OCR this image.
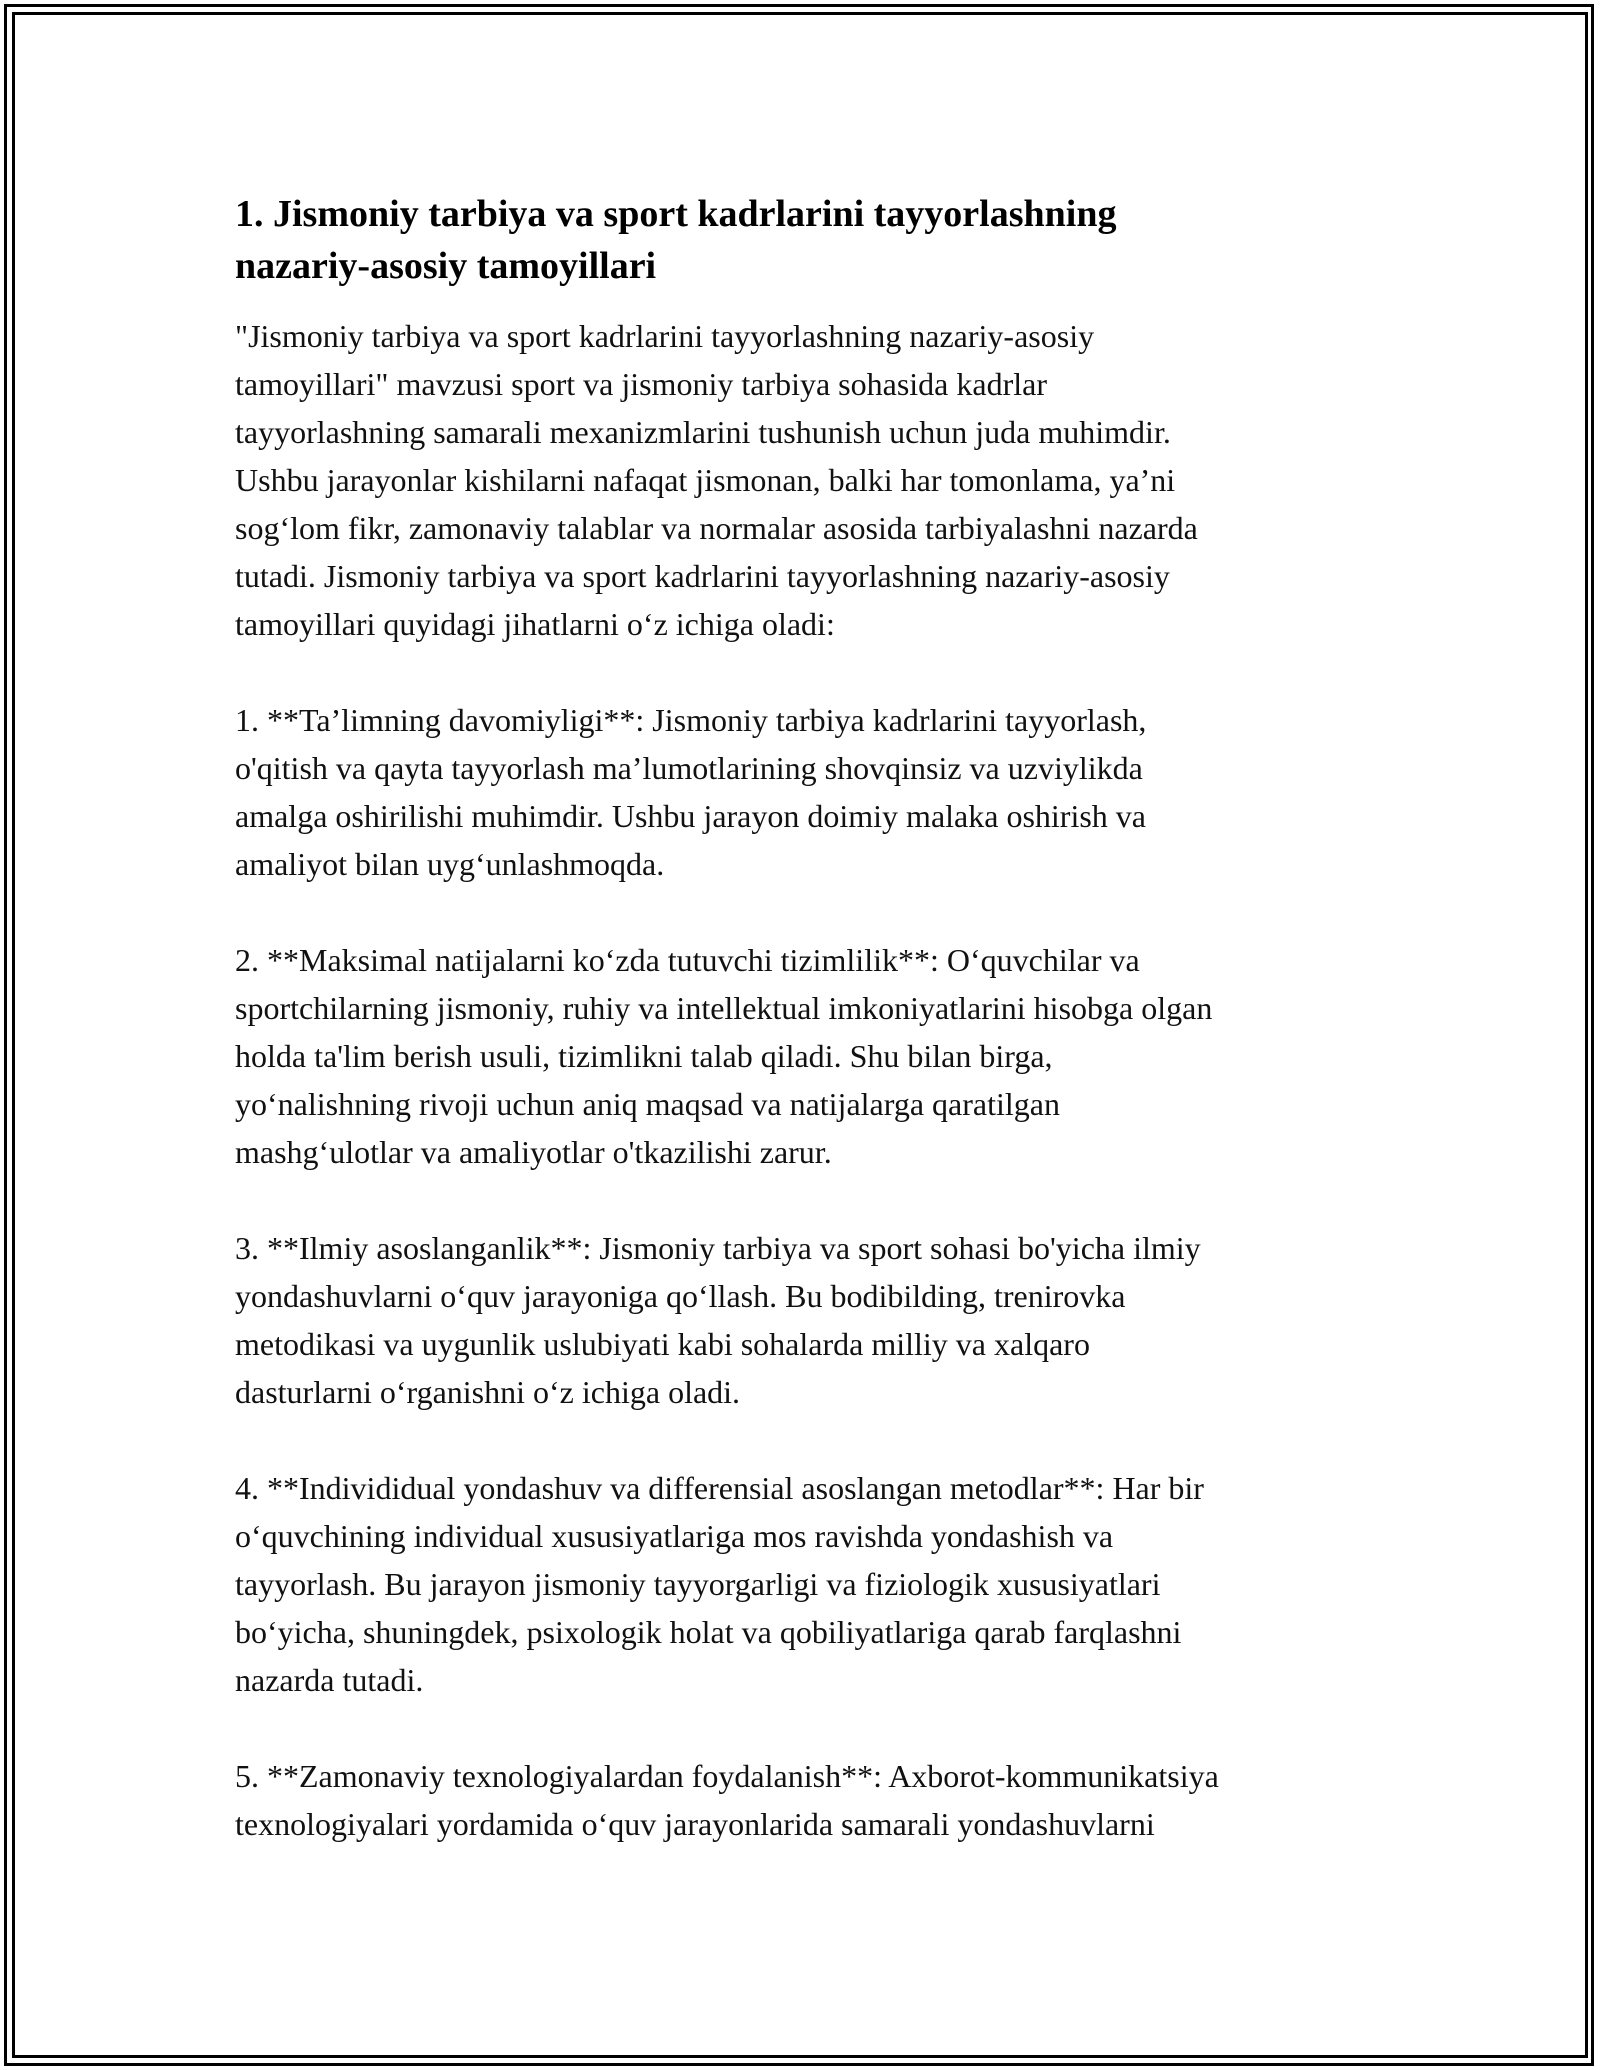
1. Jismoniy tarbiya va sport kadrlarini tayyorlashning
nazariy-asosiy tamoyillari

"Jismoniy tarbiya va sport kadrlarini tayyorlashning nazariy-asosiy
tamoyillari" mavzusi sport va jismoniy tarbiya sohasida kadrlar
tayyorlashning samarali mexanizmlarini tushunish uchun juda muhimdir.
Ushbu jarayonlar kishilarni nafaqat jismonan, balki har tomonlama, ya’ni
sog‘lom fikr, zamonaviy talablar va normalar asosida tarbiyalashni nazarda
tutadi. Jismoniy tarbiya va sport kadrlarini tayyorlashning nazariy-asosiy
tamoyillari quyidagi jihatlarni o‘z ichiga oladi:

1. **Ta’limning davomiyligi**: Jismoniy tarbiya kadrlarini tayyorlash,
o'qitish va qayta tayyorlash ma’lumotlarining shovqinsiz va uzviylikda
amalga oshirilishi muhimdir. Ushbu jarayon doimiy malaka oshirish va
amaliyot bilan uyg‘unlashmoqda.

2. **Maksimal natijalarni ko‘zda tutuvchi tizimlilik**: O‘quvchilar va
sportchilarning jismoniy, ruhiy va intellektual imkoniyatlarini hisobga olgan
holda ta'lim berish usuli, tizimlikni talab qiladi. Shu bilan birga,
yo‘nalishning rivoji uchun aniq maqsad va natijalarga qaratilgan
mashg‘ulotlar va amaliyotlar o'tkazilishi zarur.

3. **Ilmiy asoslanganlik**: Jismoniy tarbiya va sport sohasi bo'yicha ilmiy
yondashuvlarni o‘quv jarayoniga qo‘llash. Bu bodibilding, trenirovka
metodikasi va uygunlik uslubiyati kabi sohalarda milliy va xalqaro
dasturlarni o‘rganishni o‘z ichiga oladi.

4. **Individidual yondashuv va differensial asoslangan metodlar**: Har bir
o‘quvchining individual xususiyatlariga mos ravishda yondashish va
tayyorlash. Bu jarayon jismoniy tayyorgarligi va fiziologik xususiyatlari
bo‘yicha, shuningdek, psixologik holat va qobiliyatlariga qarab farqlashni
nazarda tutadi.

5. **Zamonaviy texnologiyalardan foydalanish**: Axborot-kommunikatsiya
texnologiyalari yordamida o‘quv jarayonlarida samarali yondashuvlarni
